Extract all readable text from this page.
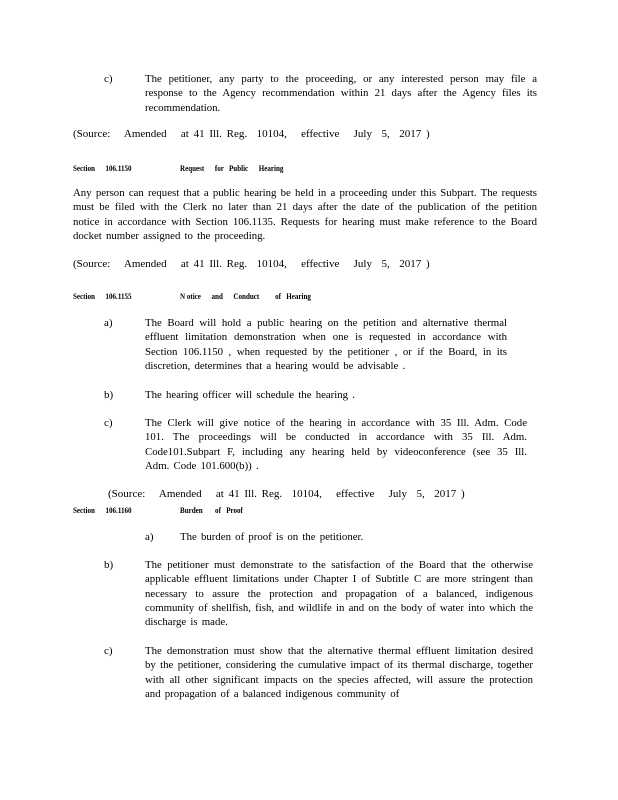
c)	The petitioner, any party to the proceeding, or any interested person may file a response to the Agency recommendation within 21 days after the Agency files its recommendation.
(Source:   Amended   at 41 Ill. Reg.  10104,   effective   July  5,  2017 )
Section      106.1150	Request      for   Public      Hearing
Any person can request that a public hearing be held in a proceeding under this Subpart. The requests must be filed with the Clerk no later than 21 days after the date of the publication of the petition notice in accordance with Section 106.1135. Requests for hearing must make reference to the Board docket number assigned to the proceeding.
(Source:   Amended   at 41 Ill. Reg.  10104,   effective   July  5,  2017 )
Section      106.1155	N otice      and      Conduct         of   Hearing
a)	The Board will hold a public hearing on the petition and alternative thermal effluent limitation demonstration when one is requested in accordance with Section 106.1150 , when requested by the petitioner , or if the Board, in its discretion, determines that a hearing would be advisable .
b)	The hearing officer will schedule the hearing .
c)	The Clerk will give notice of the hearing in accordance with 35 Ill. Adm. Code 101. The proceedings will be conducted in accordance with 35 Ill. Adm. Code101.Subpart F, including any hearing held by videoconference (see 35 Ill. Adm. Code 101.600(b)) .
(Source:   Amended   at 41 Ill. Reg.  10104,   effective   July  5,  2017 )
Section      106.1160	Burden       of   Proof
a) The burden of proof is on the petitioner.
b)	The petitioner must demonstrate to the satisfaction of the Board that the otherwise applicable effluent limitations under Chapter I of Subtitle C are more stringent than necessary to assure the protection and propagation of a balanced, indigenous community of shellfish, fish, and wildlife in and on the body of water into which the discharge is made.
c)	The demonstration must show that the alternative thermal effluent limitation desired by the petitioner, considering the cumulative impact of its thermal discharge, together with all other significant impacts on the species affected, will assure the protection and propagation of a balanced indigenous community of
